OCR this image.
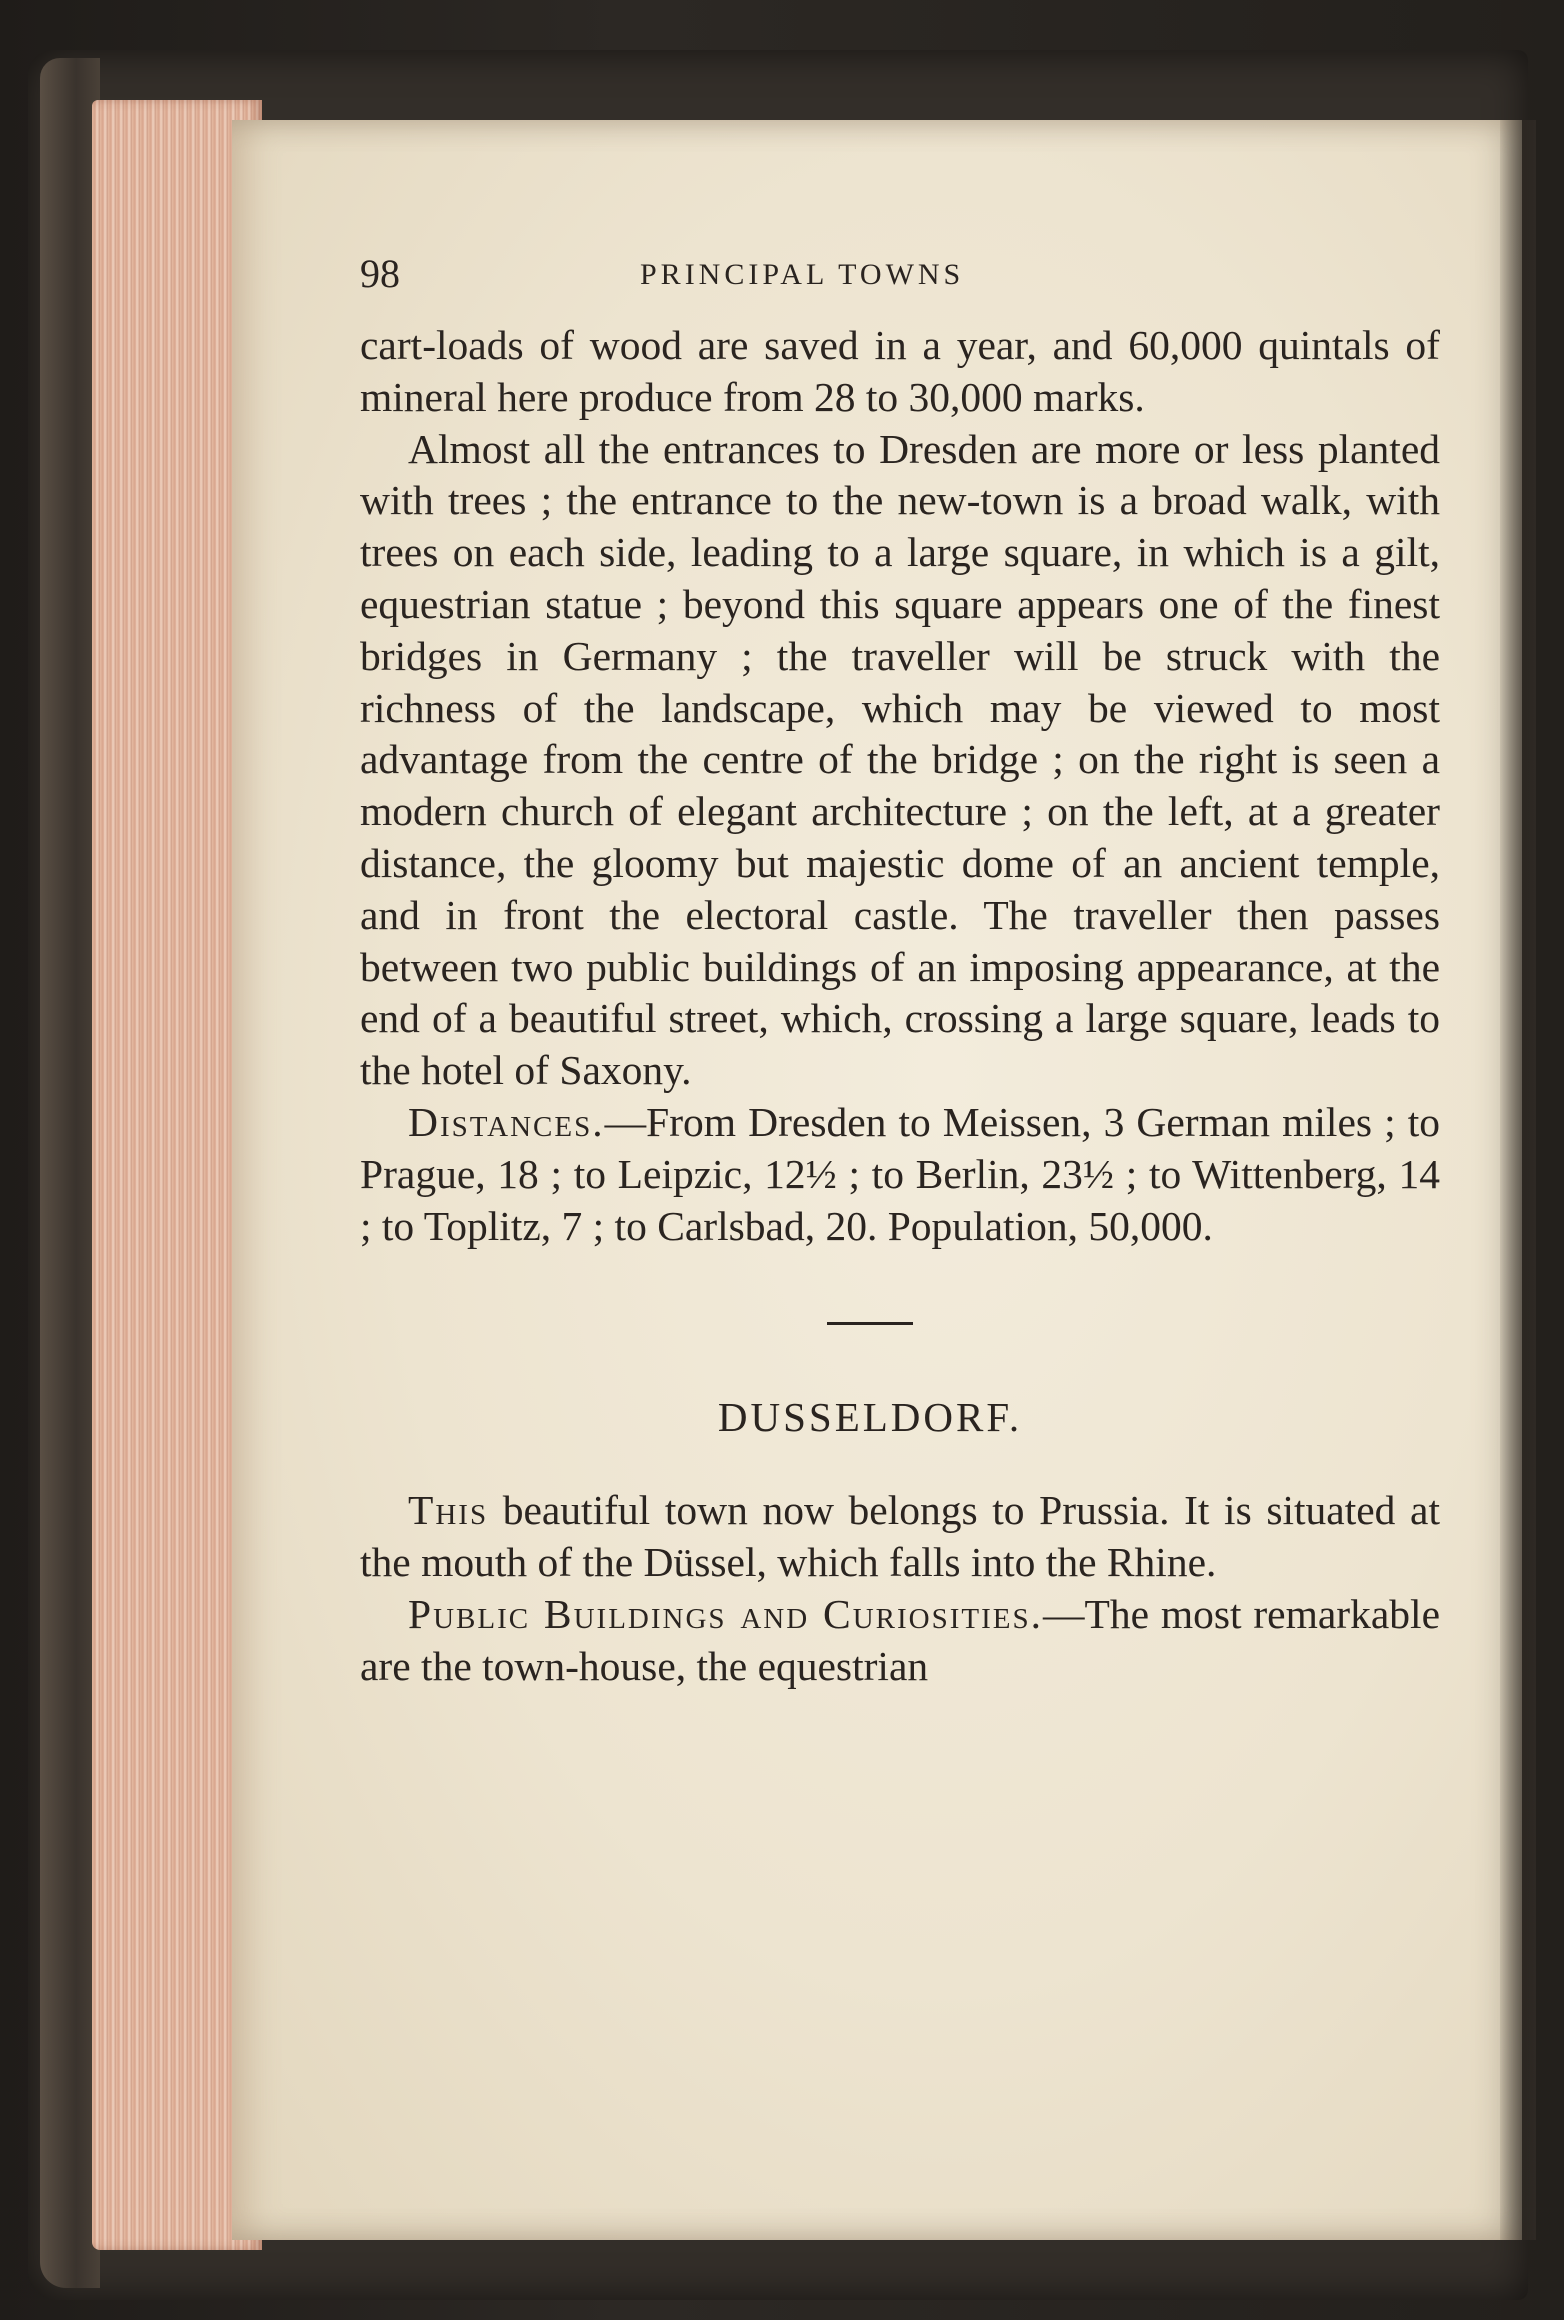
98	PRINCIPAL TOWNS

cart-loads of wood are saved in a year, and 60,000 quintals of mineral here produce from 28 to 30,000 marks.

Almost all the entrances to Dresden are more or less planted with trees ; the entrance to the new-town is a broad walk, with trees on each side, leading to a large square, in which is a gilt, equestrian statue ; beyond this square appears one of the finest bridges in Germany ; the traveller will be struck with the richness of the landscape, which may be viewed to most advantage from the centre of the bridge ; on the right is seen a modern church of elegant architecture ; on the left, at a greater distance, the gloomy but majestic dome of an ancient temple, and in front the electoral castle. The traveller then passes between two public buildings of an imposing appearance, at the end of a beautiful street, which, crossing a large square, leads to the hotel of Saxony.

Distances.—From Dresden to Meissen, 3 German miles ; to Prague, 18 ; to Leipzic, 12½ ; to Berlin, 23½ ; to Wittenberg, 14 ; to Toplitz, 7 ; to Carlsbad, 20. Population, 50,000.

DUSSELDORF.

This beautiful town now belongs to Prussia. It is situated at the mouth of the Düssel, which falls into the Rhine.

Public Buildings and Curiosities.—The most remarkable are the town-house, the equestrian
